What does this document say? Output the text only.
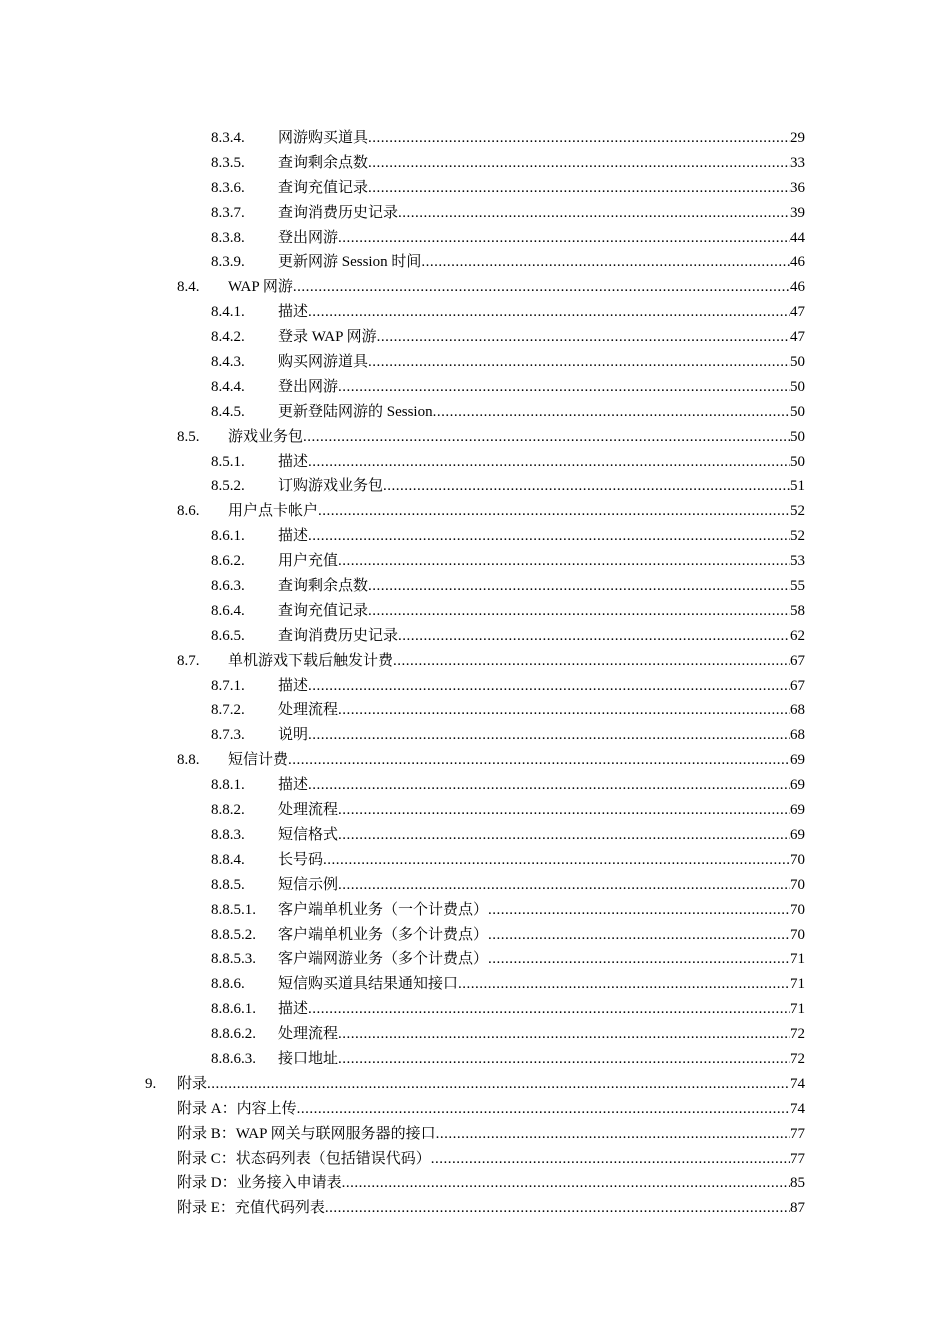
8.3.4. 网游购买道具 .....	29
8.3.5. 查询剩余点数 .....	33
8.3.6. 查询充值记录 .....	36
8.3.7. 查询消费历史记录 .....	39
8.3.8. 登出网游 .....	44
8.3.9. 更新网游 Session 时间 .....	46
8.4. WAP 网游 .....	46
8.4.1. 描述 .....	47
8.4.2. 登录 WAP 网游 .....	47
8.4.3. 购买网游道具 .....	50
8.4.4. 登出网游 .....	50
8.4.5. 更新登陆网游的 Session .....	50
8.5. 游戏业务包 .....	50
8.5.1. 描述 .....	50
8.5.2. 订购游戏业务包 .....	51
8.6. 用户点卡帐户 .....	52
8.6.1. 描述 .....	52
8.6.2. 用户充值 .....	53
8.6.3. 查询剩余点数 .....	55
8.6.4. 查询充值记录 .....	58
8.6.5. 查询消费历史记录 .....	62
8.7. 单机游戏下载后触发计费 .....	67
8.7.1. 描述 .....	67
8.7.2. 处理流程 .....	68
8.7.3. 说明 .....	68
8.8. 短信计费 .....	69
8.8.1. 描述 .....	69
8.8.2. 处理流程 .....	69
8.8.3. 短信格式 .....	69
8.8.4. 长号码 .....	70
8.8.5. 短信示例 .....	70
8.8.5.1. 客户端单机业务（一个计费点） .....	70
8.8.5.2. 客户端单机业务（多个计费点） .....	70
8.8.5.3. 客户端网游业务（多个计费点） .....	71
8.8.6. 短信购买道具结果通知接口 .....	71
8.8.6.1. 描述 .....	71
8.8.6.2. 处理流程 .....	72
8.8.6.3. 接口地址 .....	72
9. 附录 .....	74
附录 A：内容上传 .....	74
附录 B：WAP 网关与联网服务器的接口 .....	77
附录 C：状态码列表（包括错误代码） .....	77
附录 D：业务接入申请表 .....	85
附录 E：充值代码列表 .....	87
